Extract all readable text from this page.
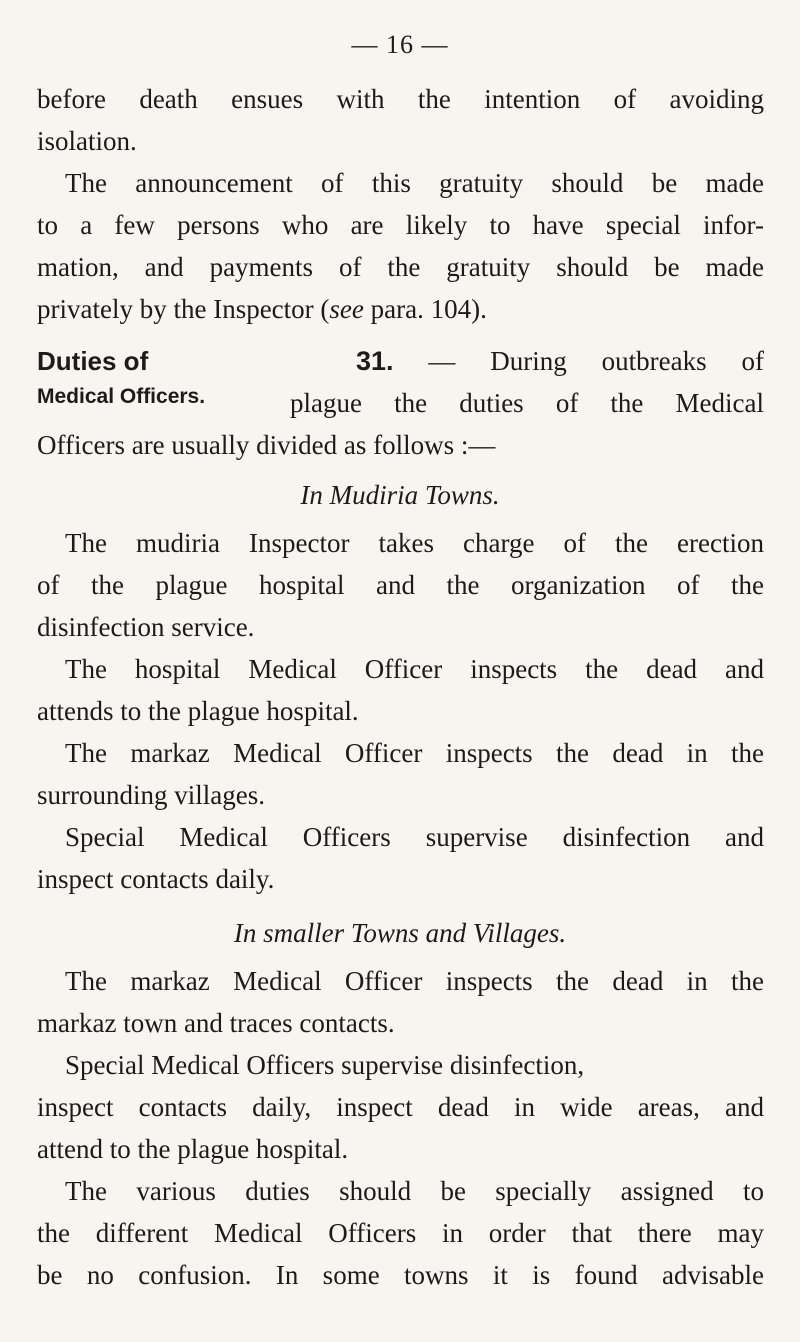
— 16 —
before death ensues with the intention of avoiding
isolation.
The announcement of this gratuity should be made
to a few persons who are likely to have special infor-
mation, and payments of the gratuity should be made
privately by the Inspector (see para. 104).
Duties of
Medical Officers.
31. — During outbreaks of
plague the duties of the Medical
Officers are usually divided as follows :—
In Mudiria Towns.
The mudiria Inspector takes charge of the erection
of the plague hospital and the organization of the
disinfection service.
The hospital Medical Officer inspects the dead and
attends to the plague hospital.
The markaz Medical Officer inspects the dead in the
surrounding villages.
Special Medical Officers supervise disinfection and
inspect contacts daily.
In smaller Towns and Villages.
The markaz Medical Officer inspects the dead in the
markaz town and traces contacts.
Special Medical Officers supervise disinfection,
inspect contacts daily, inspect dead in wide areas, and
attend to the plague hospital.
The various duties should be specially assigned to
the different Medical Officers in order that there may
be no confusion. In some towns it is found advisable
